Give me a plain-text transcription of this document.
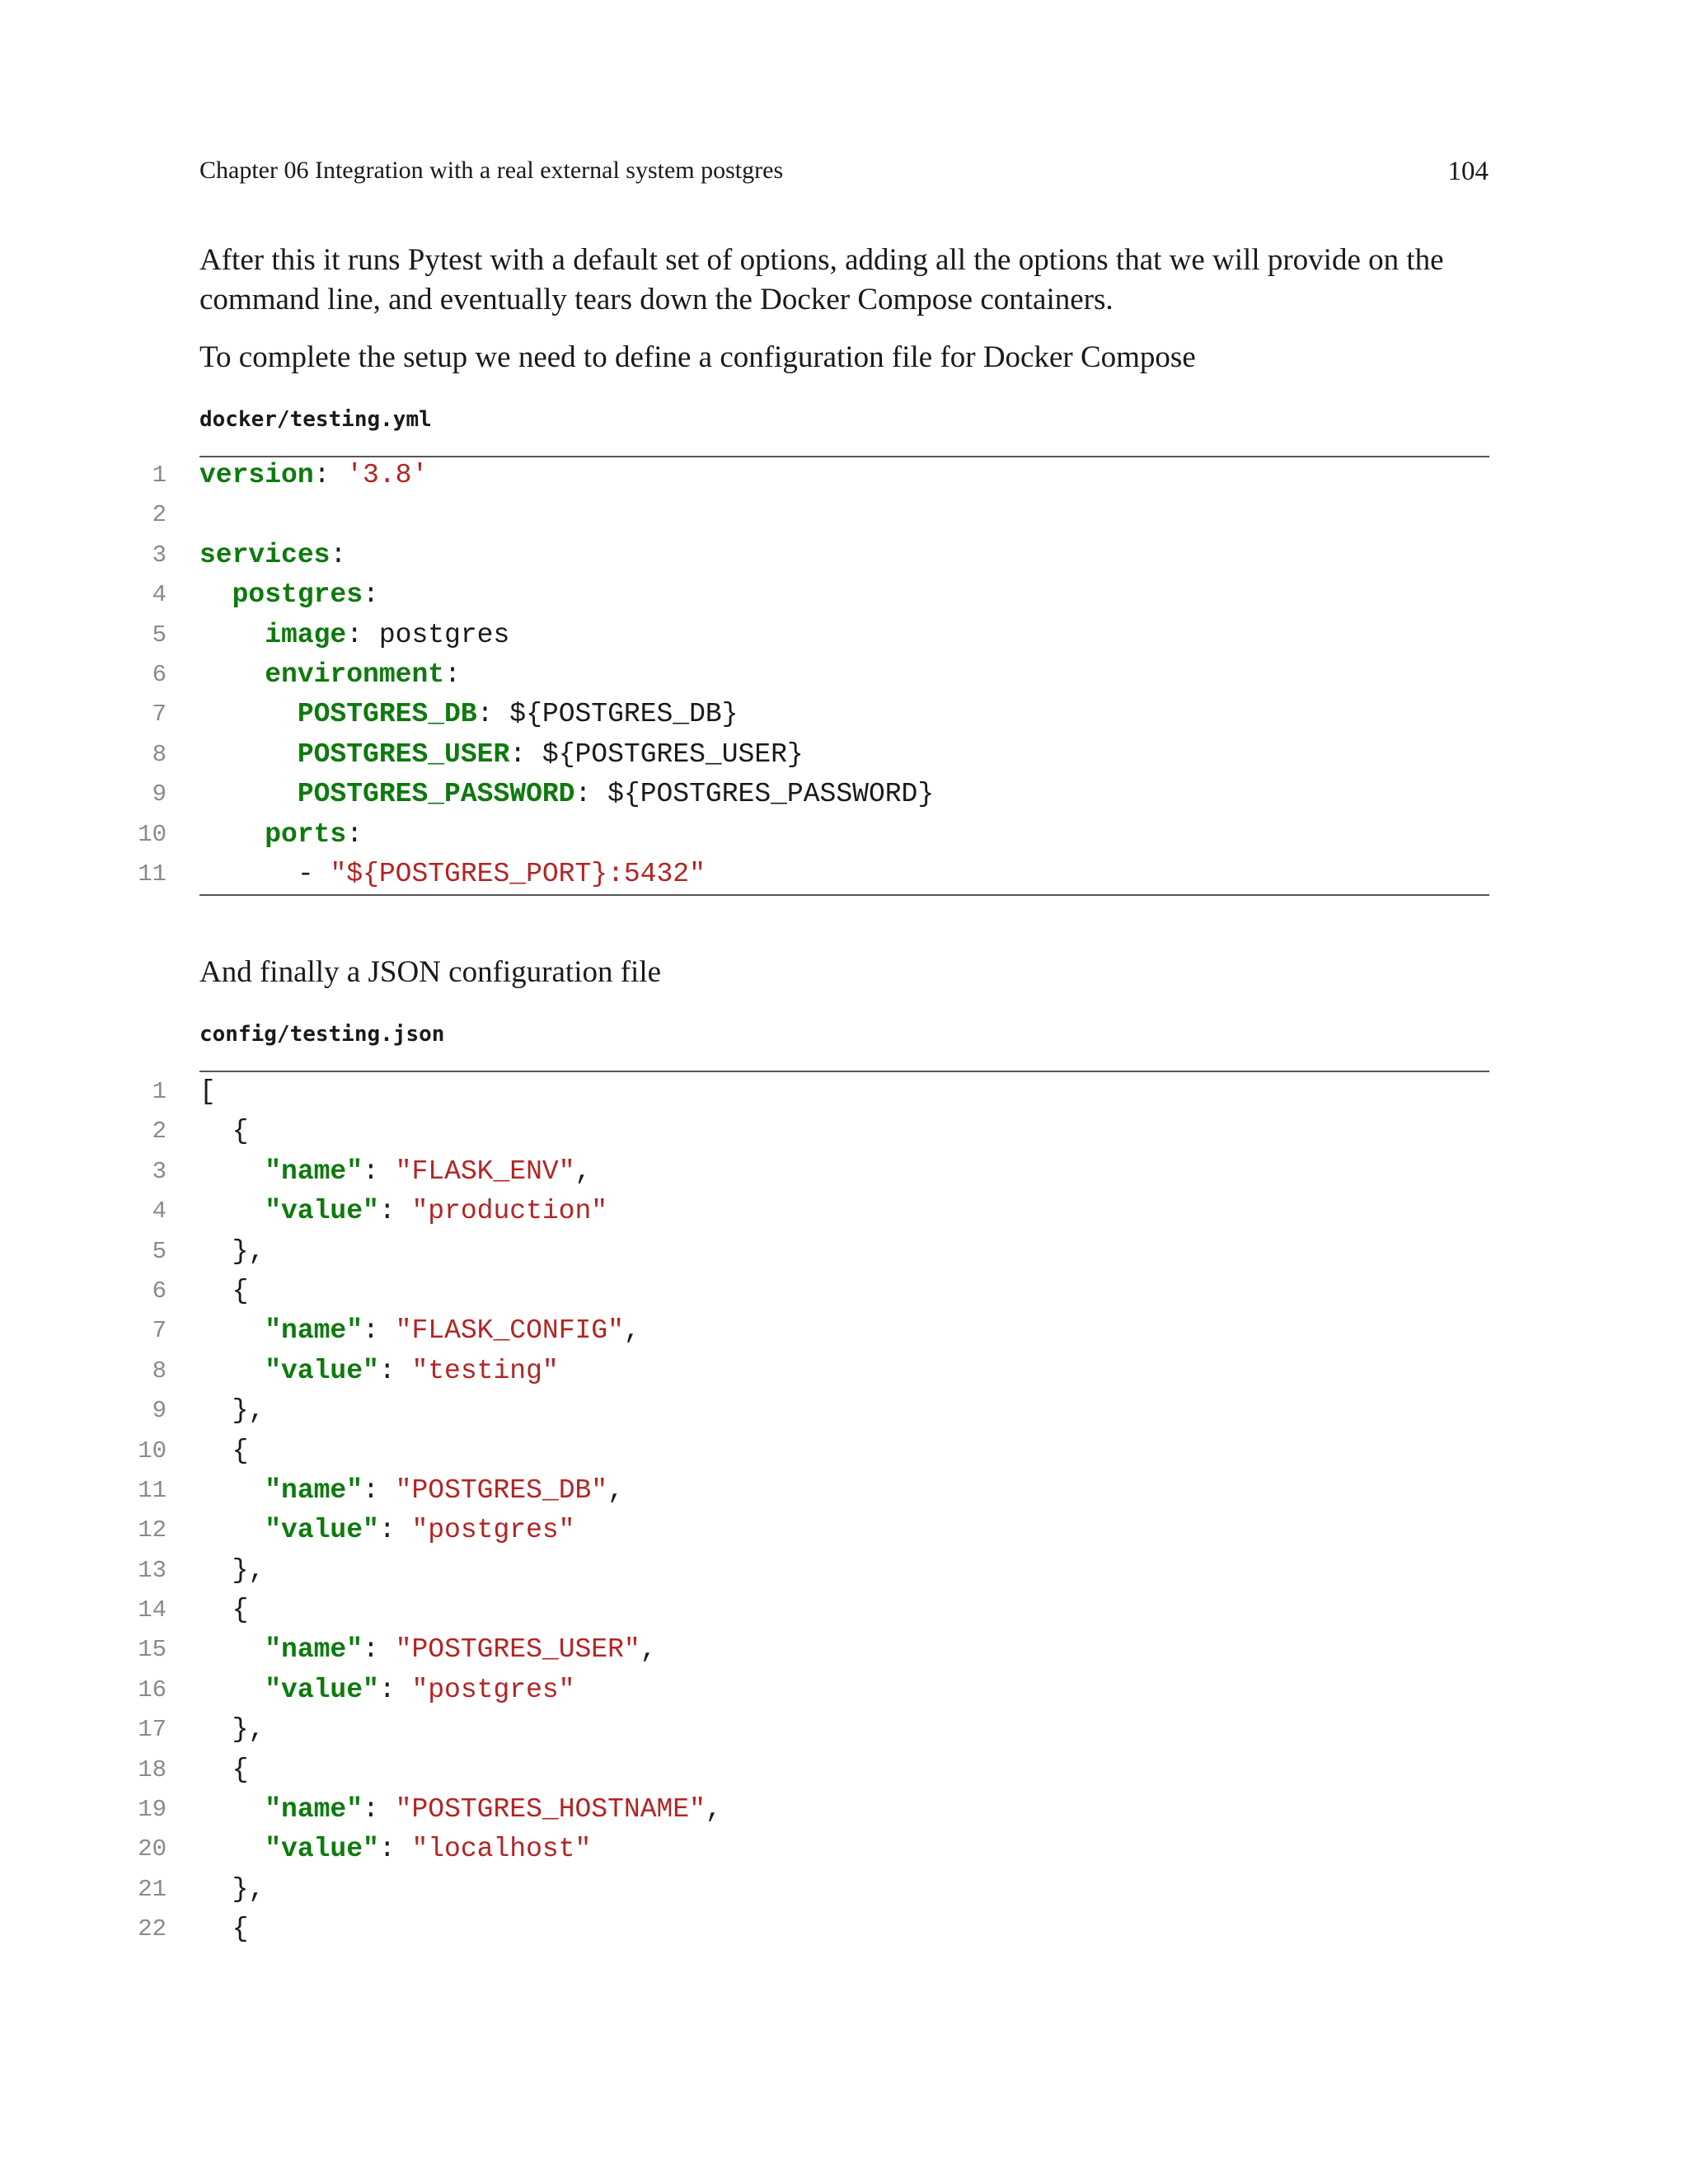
Chapter 06 Integration with a real external system postgres	104

After this it runs Pytest with a default set of options, adding all the options that we will provide on the command line, and eventually tears down the Docker Compose containers.

To complete the setup we need to define a configuration file for Docker Compose

docker/testing.yml
1 version: '3.8'
2
3 services:
4	postgres:
5	image: postgres
6	environment:
7	POSTGRES_DB: ${POSTGRES_DB}
8	POSTGRES_USER: ${POSTGRES_USER}
9	POSTGRES_PASSWORD: ${POSTGRES_PASSWORD}
10	ports:
11 - "${POSTGRES_PORT}:5432"

And finally a JSON configuration file

config/testing.json
1 [
2 {
3	"name": "FLASK_ENV",
4	"value": "production"
5 },
6 {
7	"name": "FLASK_CONFIG",
8	"value": "testing"
9 },
10 {
11	"name": "POSTGRES_DB",
12	"value": "postgres"
13 },
14 {
15	"name": "POSTGRES_USER",
16	"value": "postgres"
17 },
18 {
19	"name": "POSTGRES_HOSTNAME",
20	"value": "localhost"
21 },
22 {
